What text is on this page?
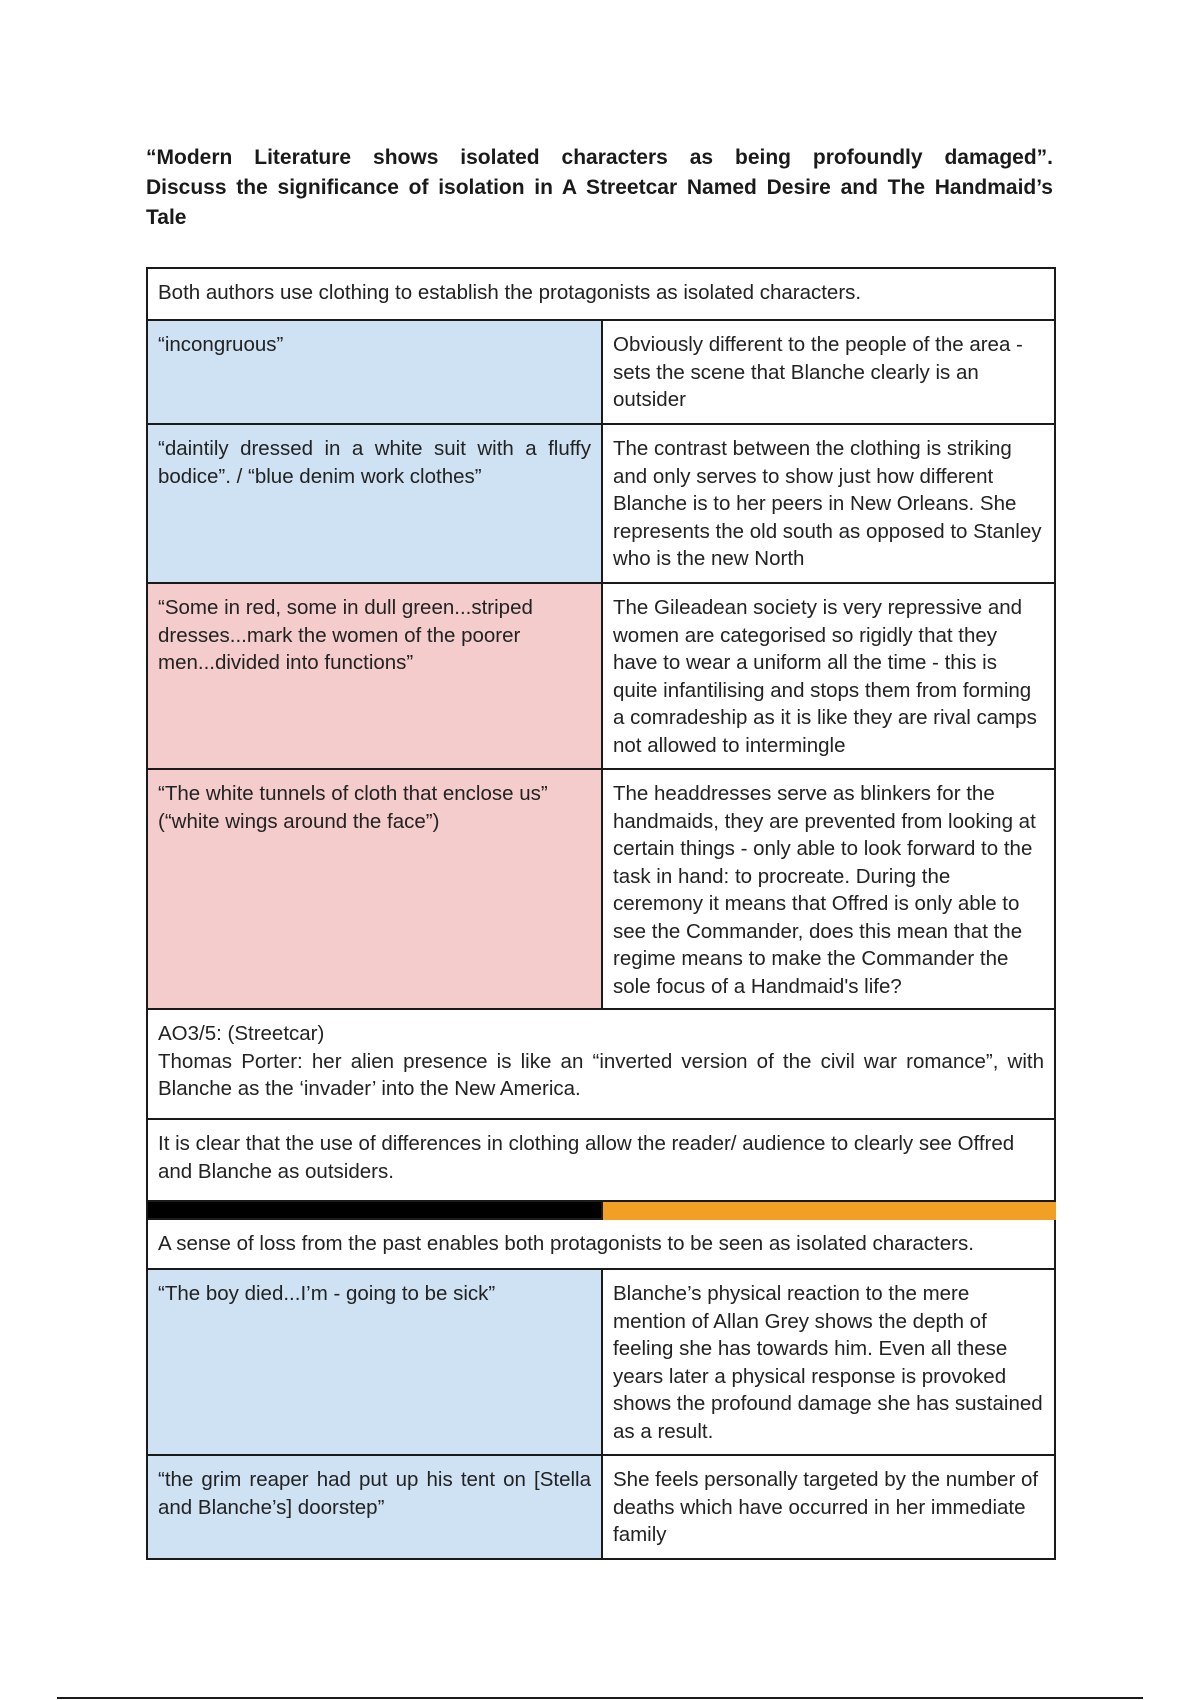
“Modern Literature shows isolated characters as being profoundly damaged”.
Discuss the significance of isolation in A Streetcar Named Desire and The Handmaid’s
Tale
Both authors use clothing to establish the protagonists as isolated characters.	
“incongruous”	Obviously different to the people of the area - sets the scene that Blanche clearly is an outsider
“daintily dressed in a white suit with a fluffy bodice”. / “blue denim work clothes”	The contrast between the clothing is striking and only serves to show just how different Blanche is to her peers in New Orleans. She represents the old south as opposed to Stanley who is the new North
“Some in red, some in dull green...striped dresses...mark the women of the poorer men...divided into functions”	The Gileadean society is very repressive and women are categorised so rigidly that they have to wear a uniform all the time - this is quite infantilising and stops them from forming a comradeship as it is like they are rival camps not allowed to intermingle
“The white tunnels of cloth that enclose us” (“white wings around the face”)	The headdresses serve as blinkers for the handmaids, they are prevented from looking at certain things - only able to look forward to the task in hand: to procreate. During the ceremony it means that Offred is only able to see the Commander, does this mean that the regime means to make the Commander the sole focus of a Handmaid's life?

AO3/5: (Streetcar)
Thomas Porter: her alien presence is like an “inverted version of the civil war romance”, with Blanche as the ‘invader’ into the New America.	

It is clear that the use of differences in clothing allow the reader/ audience to clearly see Offred and Blanche as outsiders.	

A sense of loss from the past enables both protagonists to be seen as isolated characters.	
“The boy died...I’m - going to be sick”	Blanche’s physical reaction to the mere mention of Allan Grey shows the depth of feeling she has towards him. Even all these years later a physical response is provoked shows the profound damage she has sustained as a result.
“the grim reaper had put up his tent on [Stella and Blanche’s] doorstep”	She feels personally targeted by the number of deaths which have occurred in her immediate family
